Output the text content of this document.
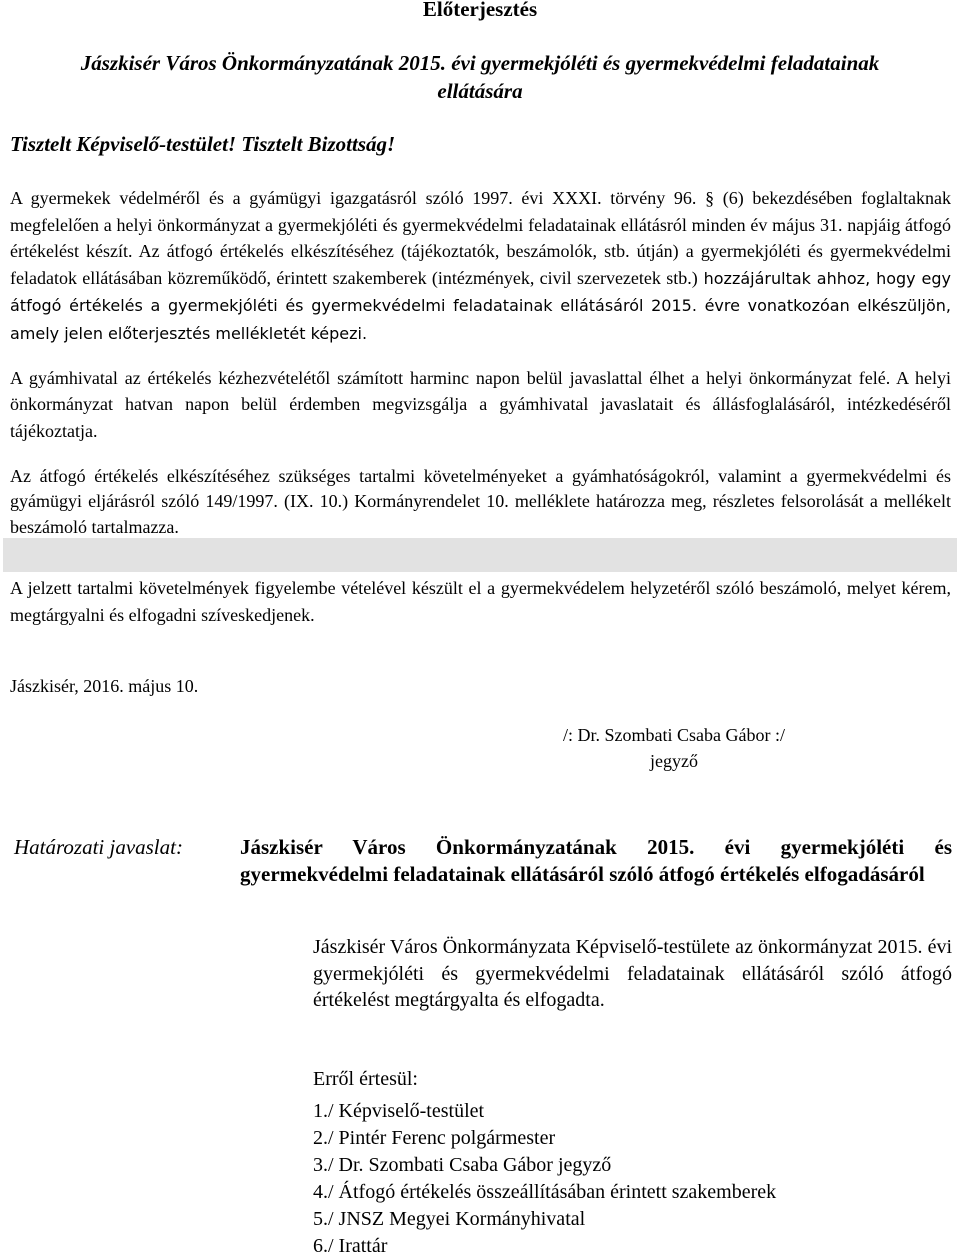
Előterjesztés
Jászkisér Város Önkormányzatának 2015. évi gyermekjóléti és gyermekvédelmi feladatainak
ellátására
Tisztelt Képviselő-testület! Tisztelt Bizottság!
A gyermekek védelméről és a gyámügyi igazgatásról szóló 1997. évi XXXI. törvény 96. § (6) bekezdésében foglaltaknak megfelelően a helyi önkormányzat a gyermekjóléti és gyermekvédelmi feladatainak ellátásról minden év május 31. napjáig átfogó értékelést készít. Az átfogó értékelés elkészítéséhez (tájékoztatók, beszámolók, stb. útján) a gyermekjóléti és gyermekvédelmi feladatok ellátásában közreműködő, érintett szakemberek (intézmények, civil szervezetek stb.) hozzájárultak ahhoz, hogy egy átfogó értékelés a gyermekjóléti és gyermekvédelmi feladatainak ellátásáról 2015. évre vonatkozóan elkészüljön, amely jelen előterjesztés mellékletét képezi.
A gyámhivatal az értékelés kézhezvételétől számított harminc napon belül javaslattal élhet a helyi önkormányzat felé. A helyi önkormányzat hatvan napon belül érdemben megvizsgálja a gyámhivatal javaslatait és állásfoglalásáról, intézkedéséről tájékoztatja.
Az átfogó értékelés elkészítéséhez szükséges tartalmi követelményeket a gyámhatóságokról, valamint a gyermekvédelmi és gyámügyi eljárásról szóló 149/1997. (IX. 10.) Kormányrendelet 10. melléklete határozza meg, részletes felsorolását a mellékelt beszámoló tartalmazza.
A jelzett tartalmi követelmények figyelembe vételével készült el a gyermekvédelem helyzetéről szóló beszámoló, melyet kérem, megtárgyalni és elfogadni szíveskedjenek.
Jászkisér, 2016. május 10.
/: Dr. Szombati Csaba Gábor :/
jegyző
Határozati javaslat:	Jászkisér Város Önkormányzatának 2015. évi gyermekjóléti és gyermekvédelmi feladatainak ellátásáról szóló átfogó értékelés elfogadásáról
Jászkisér Város Önkormányzata Képviselő-testülete az önkormányzat 2015. évi gyermekjóléti és gyermekvédelmi feladatainak ellátásáról szóló átfogó értékelést megtárgyalta és elfogadta.
Erről értesül:
1./ Képviselő-testület
2./ Pintér Ferenc polgármester
3./ Dr. Szombati Csaba Gábor jegyző
4./ Átfogó értékelés összeállításában érintett szakemberek
5./ JNSZ Megyei Kormányhivatal
6./ Irattár
